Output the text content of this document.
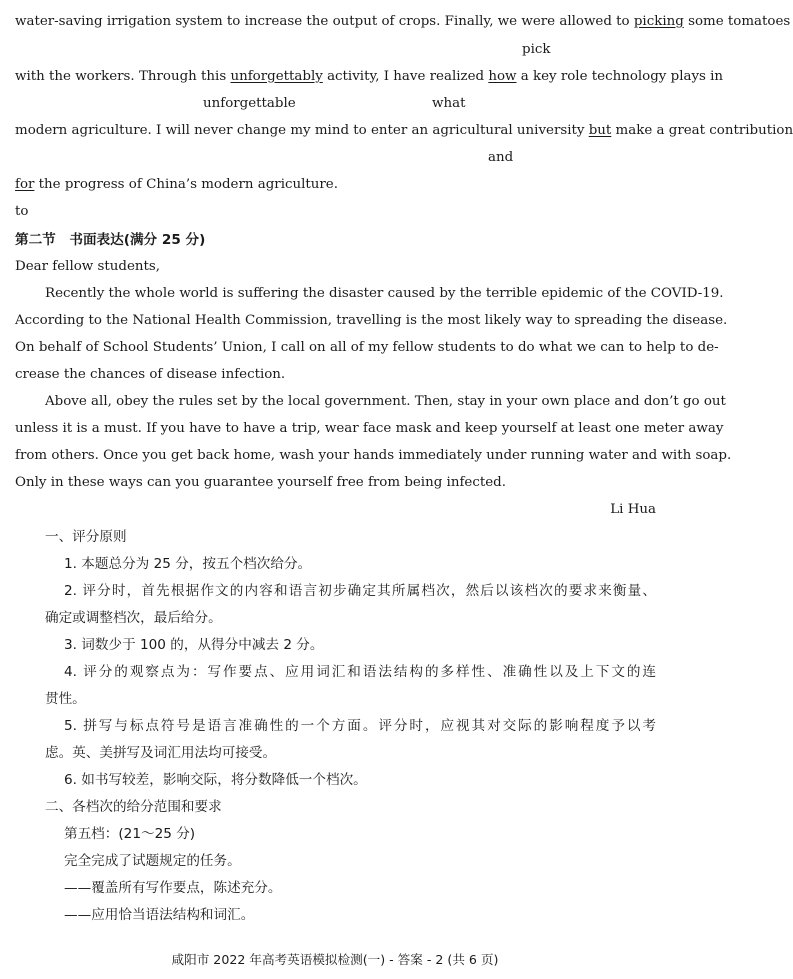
water-saving irrigation system to increase the output of crops. Finally, we were allowed to picking some tomatoes
pick
with the workers. Through this unforgettably activity, I have realized how a key role technology plays in
unforgettable	what
modern agriculture. I will never change my mind to enter an agricultural university but make a great contribution
and
for the progress of China’s modern agriculture.
to
第二节　书面表达(满分 25 分)
Dear fellow students,
Recently the whole world is suffering the disaster caused by the terrible epidemic of the COVID-19.
According to the National Health Commission, travelling is the most likely way to spreading the disease.
On behalf of School Students’ Union, I call on all of my fellow students to do what we can to help to de-
crease the chances of disease infection.
Above all, obey the rules set by the local government. Then, stay in your own place and don’t go out
unless it is a must. If you have to have a trip, wear face mask and keep yourself at least one meter away
from others. Once you get back home, wash your hands immediately under running water and with soap.
Only in these ways can you guarantee yourself free from being infected.
Li Hua
一、评分原则
1. 本题总分为 25 分，按五个档次给分。
2. 评分时，首先根据作文的内容和语言初步确定其所属档次，然后以该档次的要求来衡量、
确定或调整档次，最后给分。
3. 词数少于 100 的，从得分中减去 2 分。
4. 评分的观察点为：写作要点、应用词汇和语法结构的多样性、准确性以及上下文的连
贯性。
5. 拼写与标点符号是语言准确性的一个方面。评分时，应视其对交际的影响程度予以考
虑。英、美拼写及词汇用法均可接受。
6. 如书写较差，影响交际，将分数降低一个档次。
二、各档次的给分范围和要求
第五档：(21～25 分)
完全完成了试题规定的任务。
——覆盖所有写作要点，陈述充分。
——应用恰当语法结构和词汇。
咸阳市 2022 年高考英语模拟检测(一) - 答案 - 2 (共 6 页)
